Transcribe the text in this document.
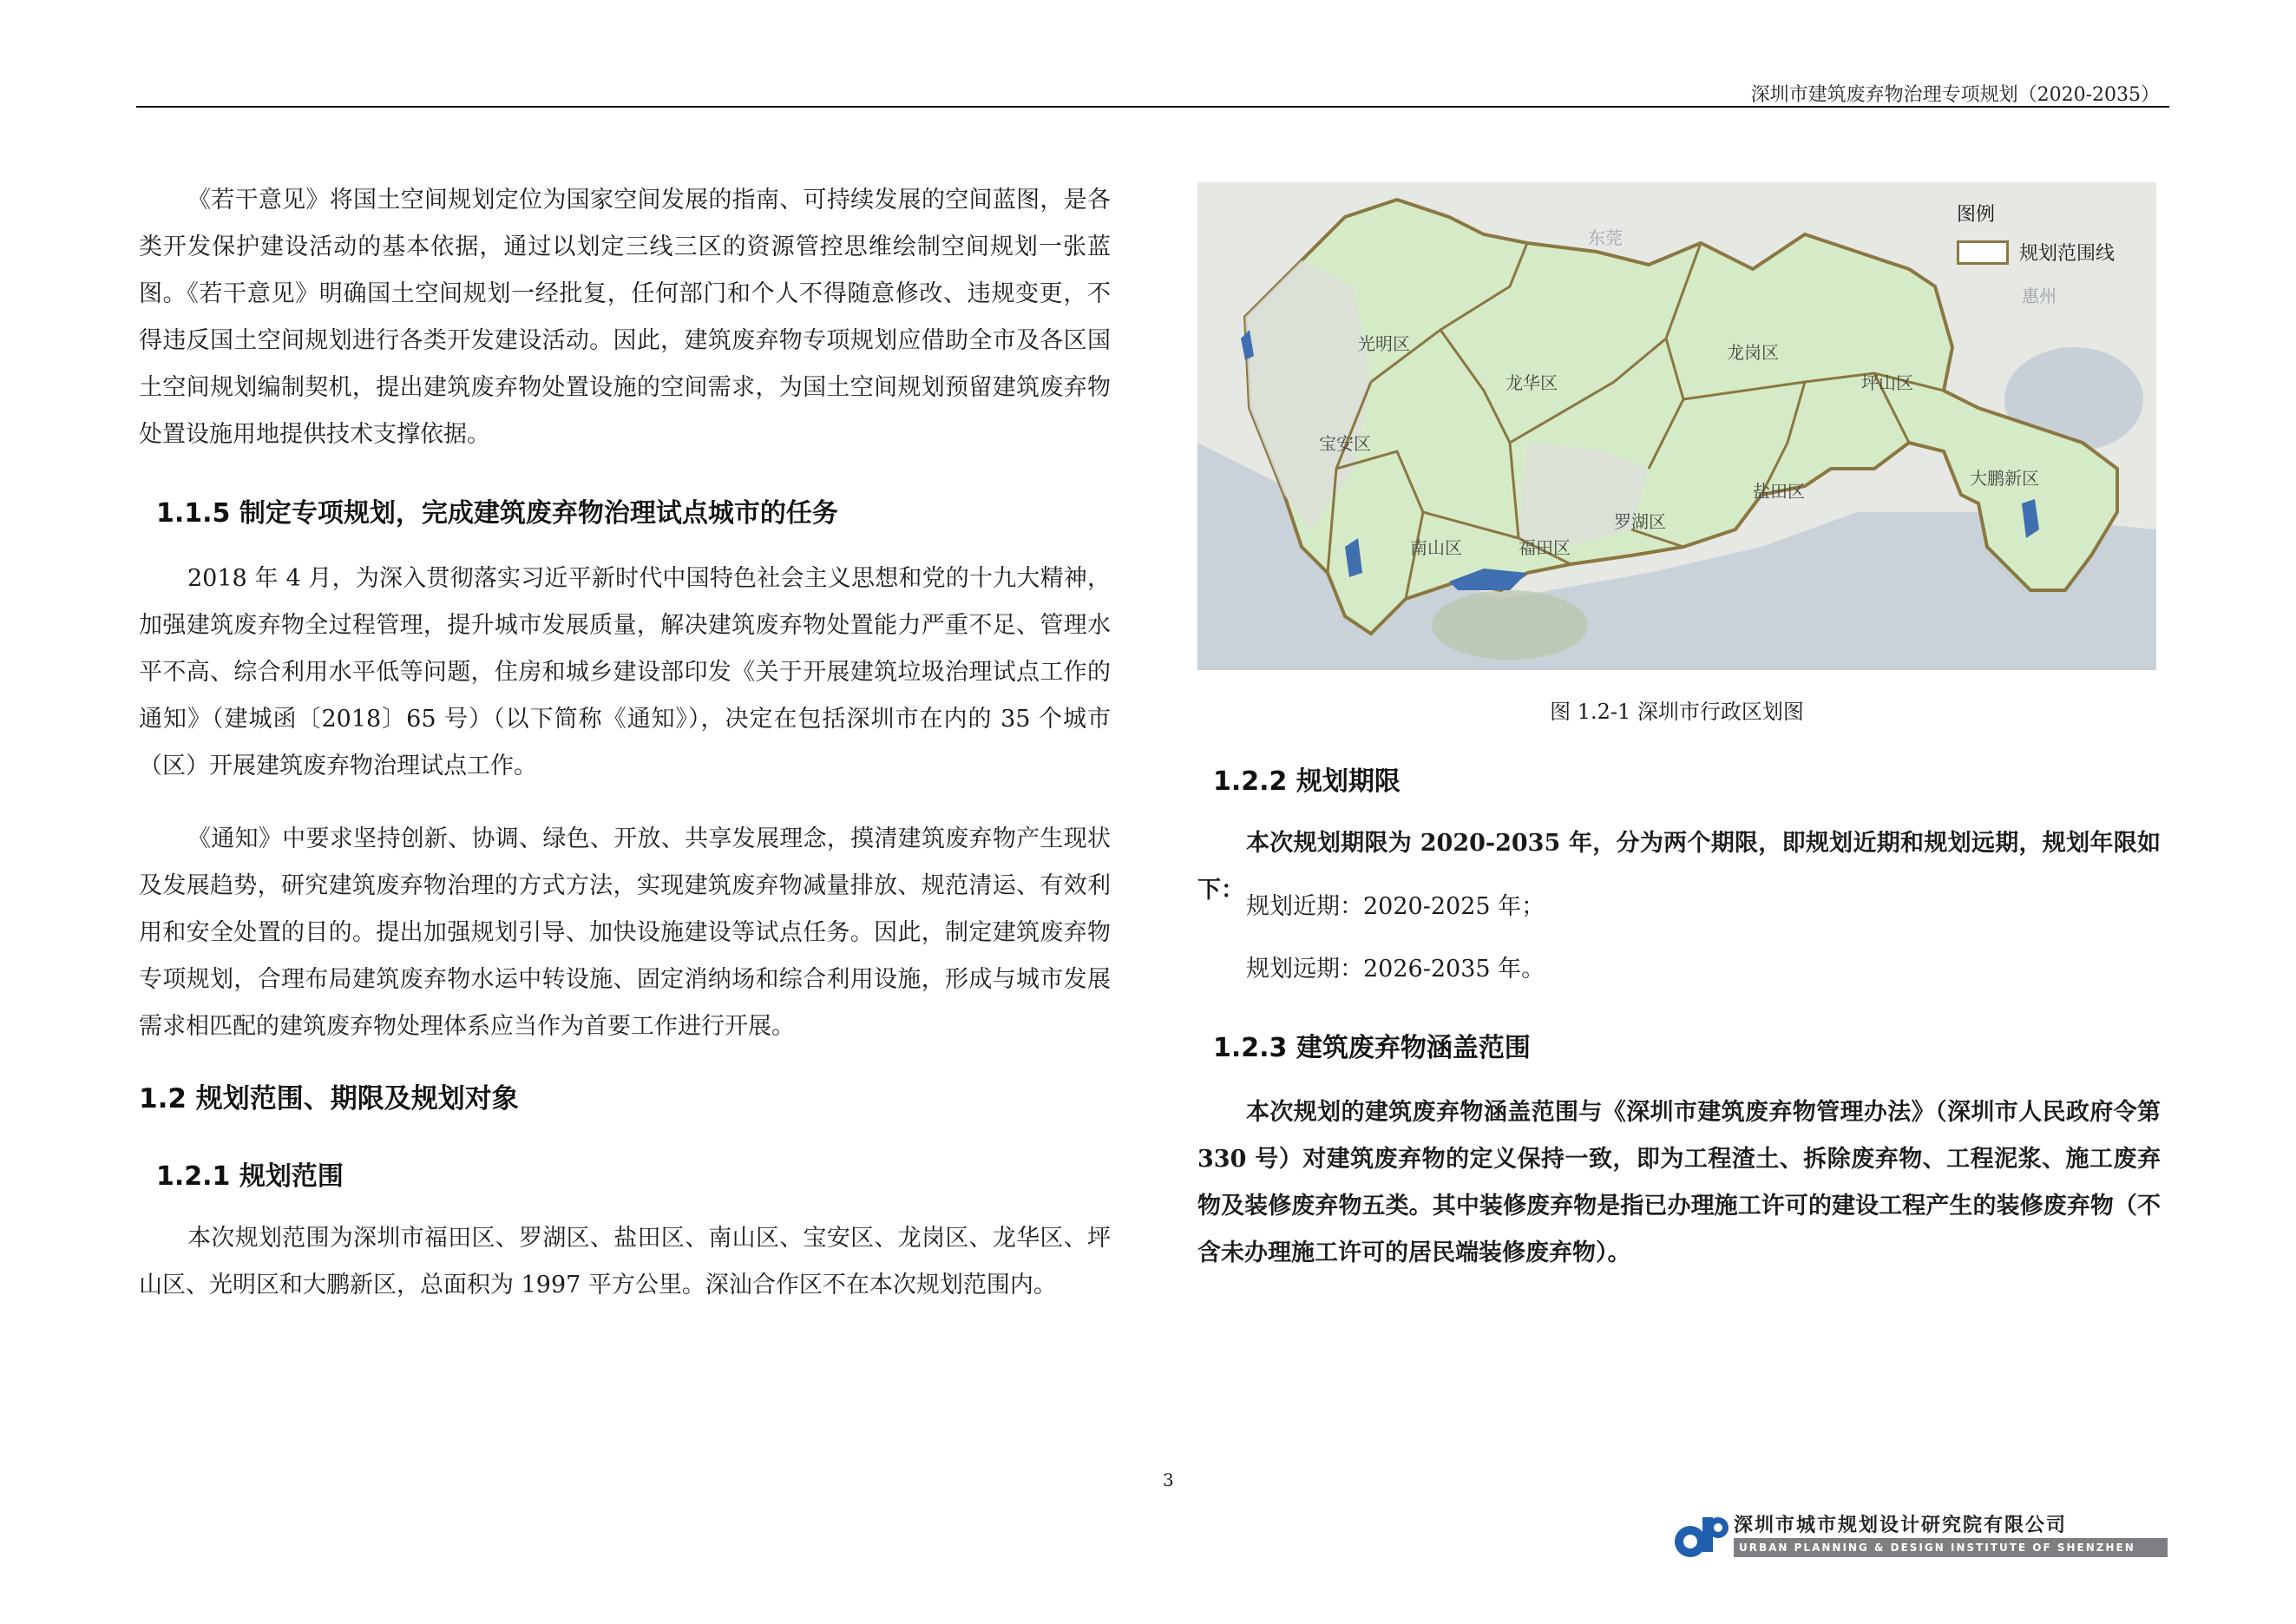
深圳市建筑废弃物治理专项规划（2020-2035）

《若干意见》将国土空间规划定位为国家空间发展的指南、可持续发展的空间蓝图，是各类开发保护建设活动的基本依据，通过以划定三线三区的资源管控思维绘制空间规划一张蓝图。《若干意见》明确国土空间规划一经批复，任何部门和个人不得随意修改、违规变更，不得违反国土空间规划进行各类开发建设活动。因此，建筑废弃物专项规划应借助全市及各区国土空间规划编制契机，提出建筑废弃物处置设施的空间需求，为国土空间规划预留建筑废弃物处置设施用地提供技术支撑依据。

1.1.5 制定专项规划，完成建筑废弃物治理试点城市的任务

2018 年 4 月，为深入贯彻落实习近平新时代中国特色社会主义思想和党的十九大精神，加强建筑废弃物全过程管理，提升城市发展质量，解决建筑废弃物处置能力严重不足、管理水平不高、综合利用水平低等问题，住房和城乡建设部印发《关于开展建筑垃圾治理试点工作的通知》（建城函〔2018〕65 号）（以下简称《通知》），决定在包括深圳市在内的 35 个城市（区）开展建筑废弃物治理试点工作。

《通知》中要求坚持创新、协调、绿色、开放、共享发展理念，摸清建筑废弃物产生现状及发展趋势，研究建筑废弃物治理的方式方法，实现建筑废弃物减量排放、规范清运、有效利用和安全处置的目的。提出加强规划引导、加快设施建设等试点任务。因此，制定建筑废弃物专项规划，合理布局建筑废弃物水运中转设施、固定消纳场和综合利用设施，形成与城市发展需求相匹配的建筑废弃物处理体系应当作为首要工作进行开展。

1.2 规划范围、期限及规划对象
1.2.1 规划范围

本次规划范围为深圳市福田区、罗湖区、盐田区、南山区、宝安区、龙岗区、龙华区、坪山区、光明区和大鹏新区，总面积为 1997 平方公里。深汕合作区不在本次规划范围内。

图例
规划范围线
光明区
龙华区
宝安区
龙岗区
坪山区
大鹏新区
盐田区
罗湖区
福田区
南山区
东莞
惠州
图 1.2-1 深圳市行政区划图
1.2.2 规划期限

本次规划期限为 2020-2035 年，分为两个期限，即规划近期和规划远期，规划年限如下：

规划近期：2020-2025 年；

规划远期：2026-2035 年。

1.2.3 建筑废弃物涵盖范围

本次规划的建筑废弃物涵盖范围与《深圳市建筑废弃物管理办法》（深圳市人民政府令第 330 号）对建筑废弃物的定义保持一致，即为工程渣土、拆除废弃物、工程泥浆、施工废弃物及装修废弃物五类。其中装修废弃物是指已办理施工许可的建设工程产生的装修废弃物（不含未办理施工许可的居民端装修废弃物）。

3
深圳市城市规划设计研究院有限公司
URBAN PLANNING & DESIGN INSTITUTE OF SHENZHEN
